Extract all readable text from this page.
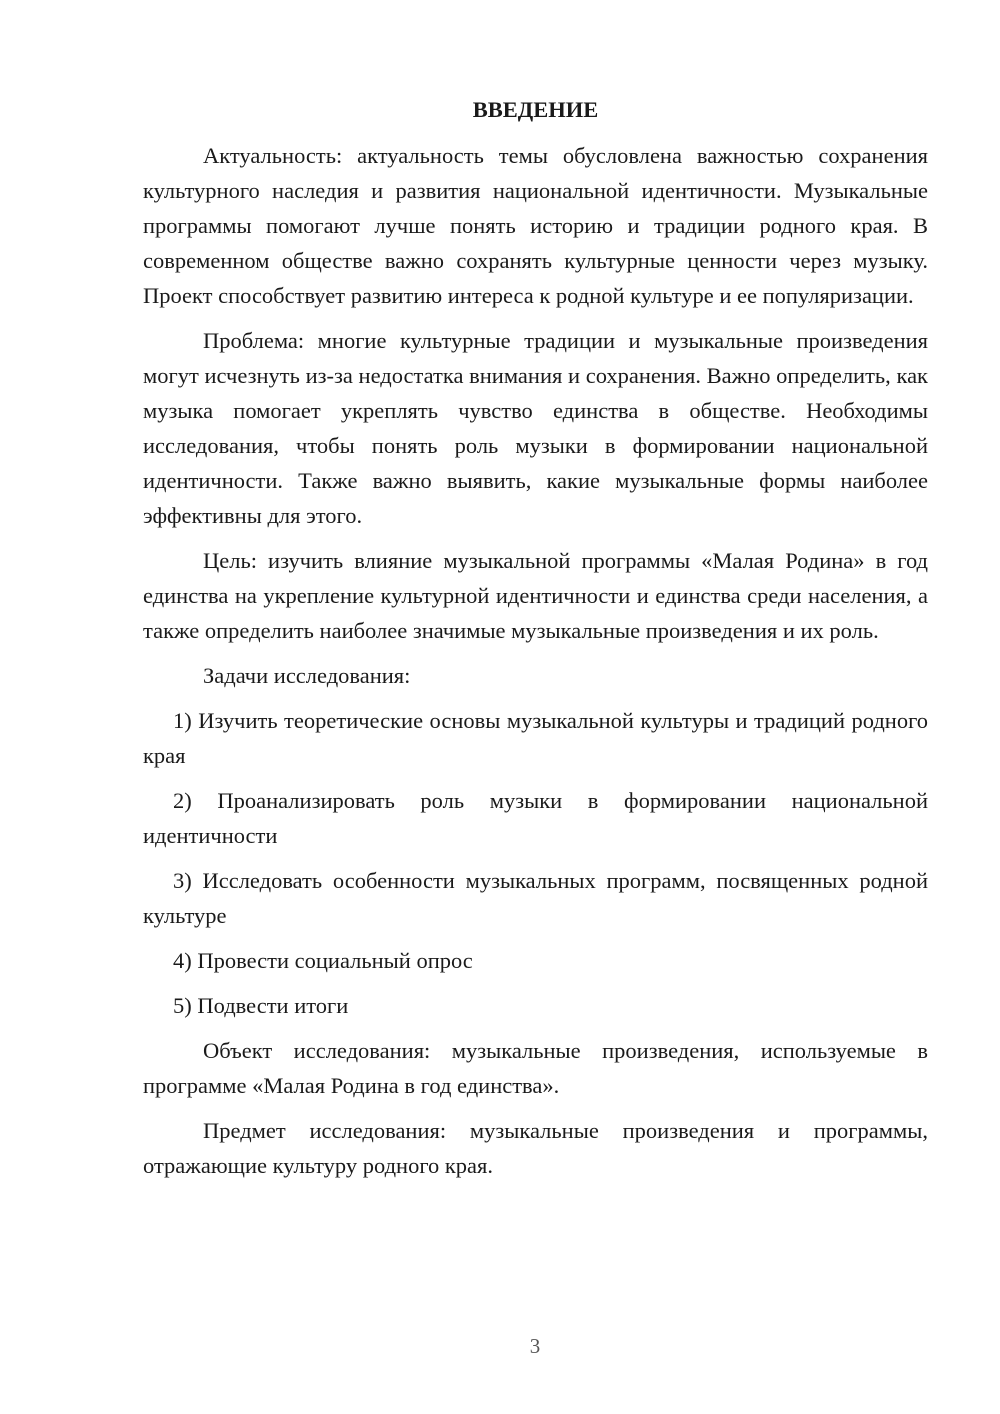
ВВЕДЕНИЕ

Актуальность: актуальность темы обусловлена важностью сохранения культурного наследия и развития национальной идентичности. Музыкальные программы помогают лучше понять историю и традиции родного края. В современном обществе важно сохранять культурные ценности через музыку. Проект способствует развитию интереса к родной культуре и ее популяризации.

Проблема: многие культурные традиции и музыкальные произведения могут исчезнуть из-за недостатка внимания и сохранения. Важно определить, как музыка помогает укреплять чувство единства в обществе. Необходимы исследования, чтобы понять роль музыки в формировании национальной идентичности. Также важно выявить, какие музыкальные формы наиболее эффективны для этого.

Цель: изучить влияние музыкальной программы «Малая Родина» в год единства на укрепление культурной идентичности и единства среди населения, а также определить наиболее значимые музыкальные произведения и их роль.

Задачи исследования:

1) Изучить теоретические основы музыкальной культуры и традиций родного края

2) Проанализировать роль музыки в формировании национальной идентичности

3) Исследовать особенности музыкальных программ, посвященных родной культуре

4) Провести социальный опрос

5) Подвести итоги

Объект исследования: музыкальные произведения, используемые в программе «Малая Родина в год единства».

Предмет исследования: музыкальные произведения и программы, отражающие культуру родного края.

3
